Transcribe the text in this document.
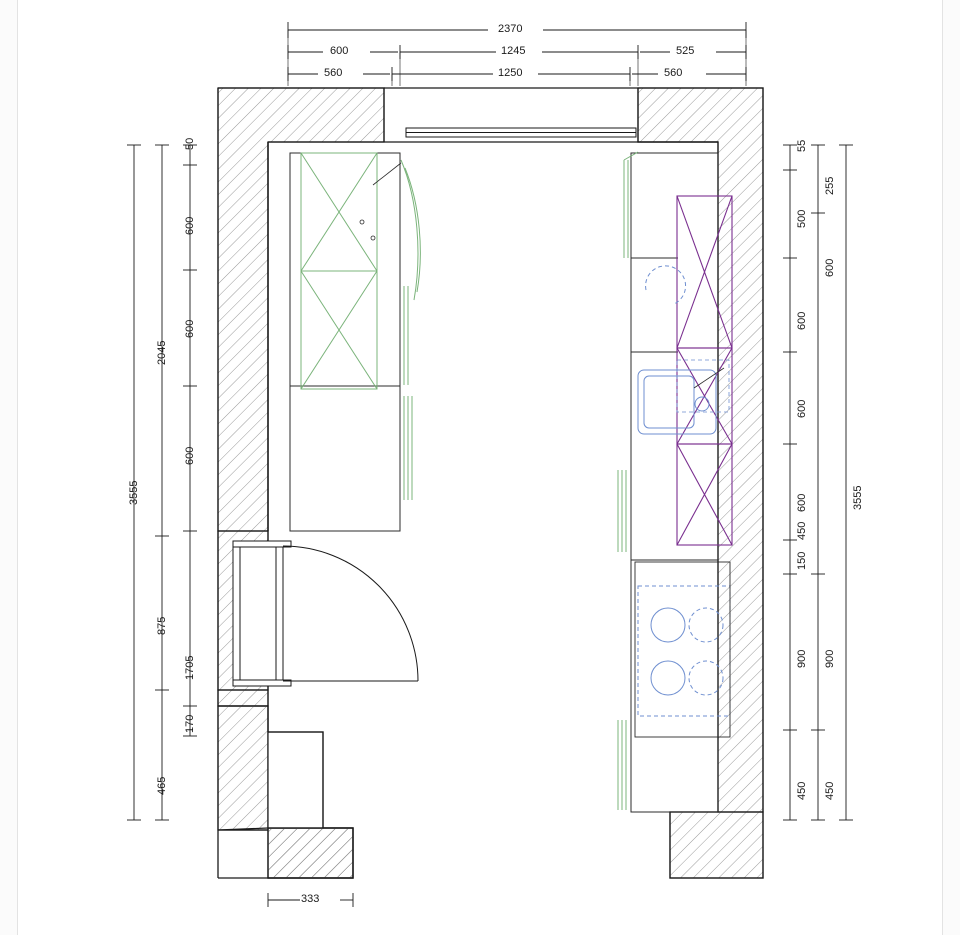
2370
600	1245	525
560	1250	560
50
600
600
600
1705
170
2045
875
465
3555
55
500
600
600
600
450
150
900
450
255
600
900
450
3555
333
